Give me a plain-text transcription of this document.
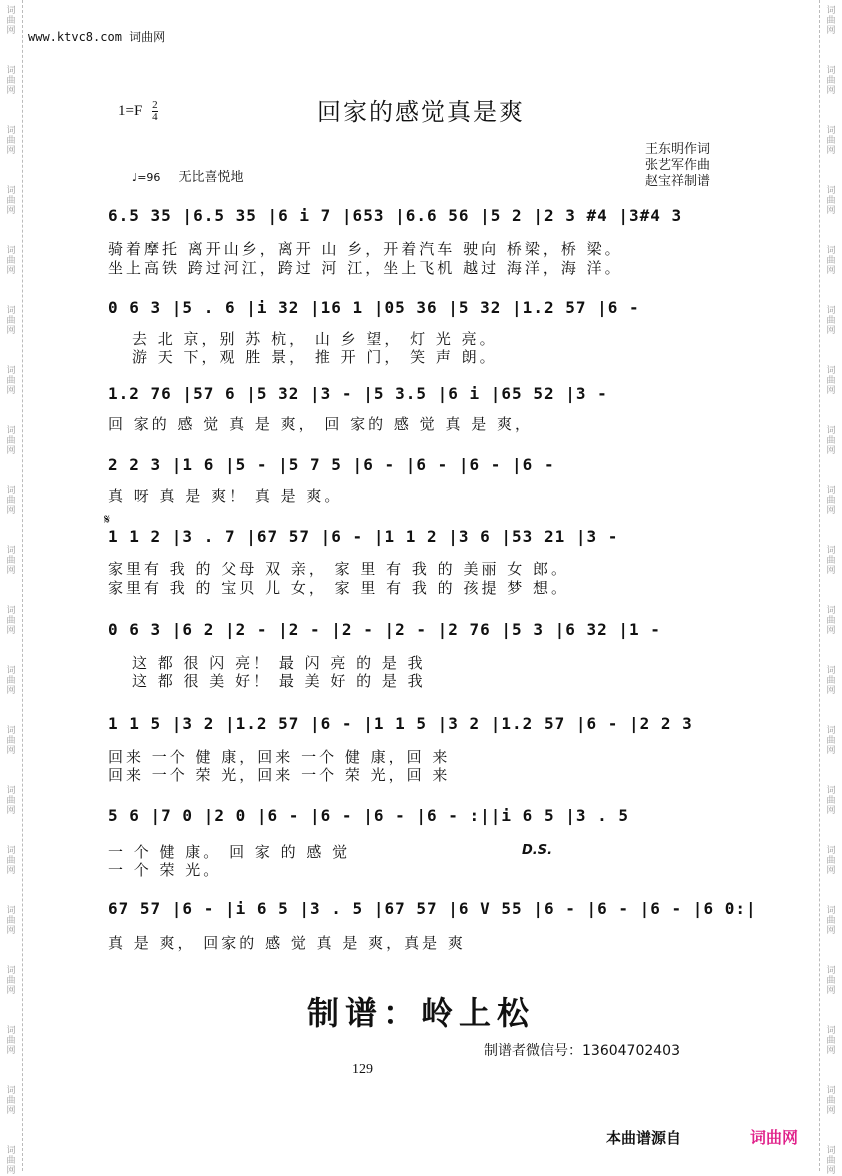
词
曲
网
词
曲
网
词
曲
网
词
曲
网
词
曲
网
词
曲
网
词
曲
网
词
曲
网
词
曲
网
词
曲
网
词
曲
网
词
曲
网
词
曲
网
词
曲
网
词
曲
网
词
曲
网
词
曲
网
词
曲
网
词
曲
网
词
曲
网
词
曲
网
词
曲
网
词
曲
网
词
曲
网
词
曲
网
词
曲
网
词
曲
网
词
曲
网
词
曲
网
词
曲
网
词
曲
网
词
曲
网
词
曲
网
词
曲
网
词
曲
网
词
曲
网
词
曲
网
词
曲
网
词
曲
网
词
曲
网
www.ktvc8.com 词曲网
$1=F \frac{2}{4}$	回家的感觉真是爽
王东明作词
张艺军作曲
赵宝祥制谱
♩=96 无比喜悦地
6.5 35 |6.5 35 |6 i 7 |653 |6.6 56 |5 2 |2 3 #4 |3#4 3
骑着摩托 离开山乡，离开 山 乡，开着汽车 驶向 桥梁，桥 梁。
坐上高铁 跨过河江，跨过 河 江，坐上飞机 越过 海洋，海 洋。
0 6 3 |5 . 6 |i 32 |16 1 |05 36 |5 32 |1.2 57 |6 -
去 北 京，别 苏 杭， 山 乡 望， 灯 光 亮。
游 天 下，观 胜 景， 推 开 门， 笑 声 朗。
1.2 76 |57 6 |5 32 |3 - |5 3.5 |6 i |65 52 |3 -
回 家的 感 觉 真 是 爽， 回 家的 感 觉 真 是 爽，
2 2 3 |1 6 |5 - |5 7 5 |6 - |6 - |6 - |6 -
真 呀 真 是 爽！ 真 是 爽。
𝄋
1 1 2 |3 . 7 |67 57 |6 - |1 1 2 |3 6 |53 21 |3 -
家里有 我 的 父母 双 亲， 家 里 有 我 的 美丽 女 郎。
家里有 我 的 宝贝 儿 女， 家 里 有 我 的 孩提 梦 想。
0 6 3 |6 2 |2 - |2 - |2 - |2 - |2 76 |5 3 |6 32 |1 -
这 都 很 闪 亮！ 最 闪 亮 的 是 我
这 都 很 美 好！ 最 美 好 的 是 我
1 1 5 |3 2 |1.2 57 |6 - |1 1 5 |3 2 |1.2 57 |6 - |2 2 3
回来 一个 健 康，回来 一个 健 康，回 来
回来 一个 荣 光，回来 一个 荣 光，回 来
5 6 |7 0 |2 0 |6 - |6 - |6 - |6 - :||i 6 5 |3 . 5
一 个 健 康。 回 家 的 感 觉	D.S.
一 个 荣 光。
67 57 |6 - |i 6 5 |3 . 5 |67 57 |6 V 55 |6 - |6 - |6 - |6 0:|
真 是 爽， 回家的 感 觉 真 是 爽，真是 爽
制谱：岭上松
制谱者微信号：13604702403
129
本曲谱源自	词曲网
